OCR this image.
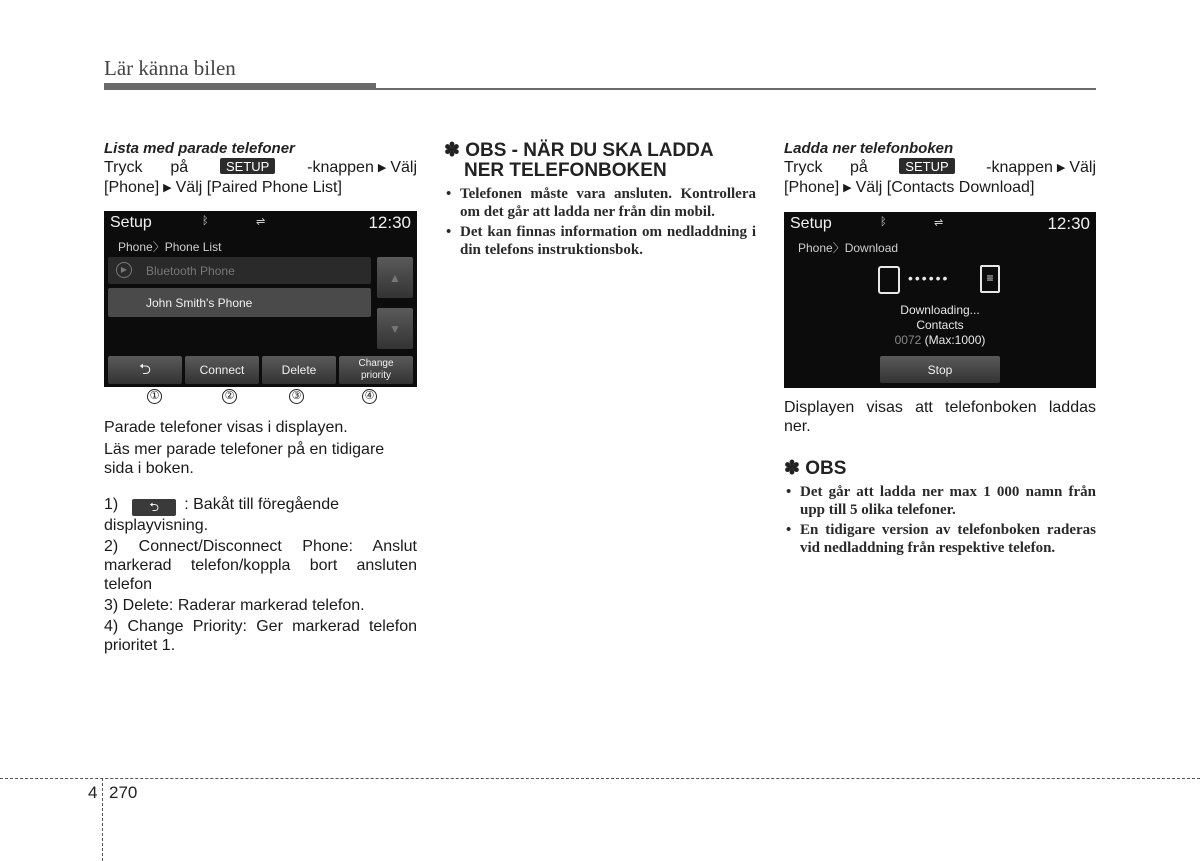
Lär känna bilen
Lista med parade telefoner
Tryck på	SETUP -knappen ▶ Välj
[Phone] ▶ Välj [Paired Phone List]
Setup	ᛒ	⇌	12:30
Phone〉Phone List
▶	Bluetooth Phone
John Smith's Phone
▲
▼
⮌	Connect	Delete	Change priority
①	②	③	④
Parade telefoner visas i displayen.
Läs mer parade telefoner på en tidigare sida i boken.
1)	⮌ : Bakåt till föregående displayvisning.
2) Connect/Disconnect Phone: Anslut markerad telefon/koppla bort ansluten telefon
3) Delete: Raderar markerad telefon.
4) Change Priority: Ger markerad telefon prioritet 1.
✽ OBS - NÄR DU SKA LADDA
NER TELEFONBOKEN
• Telefonen måste vara ansluten. Kontrollera om det går att ladda ner från din mobil.
• Det kan finnas information om nedladdning i din telefons instruktionsbok.
Ladda ner telefonboken
Tryck på	SETUP -knappen ▶ Välj
[Phone] ▶ Välj [Contacts Download]
Setup	ᛒ	⇌	12:30
Phone〉Download
••••••	≡
Downloading...
Contacts
0072 (Max:1000)
Stop
Displayen visas att telefonboken laddas ner.
✽ OBS
• Det går att ladda ner max 1 000 namn från upp till 5 olika telefoner.
• En tidigare version av telefonboken raderas vid nedladdning från respektive telefon.
4 270
